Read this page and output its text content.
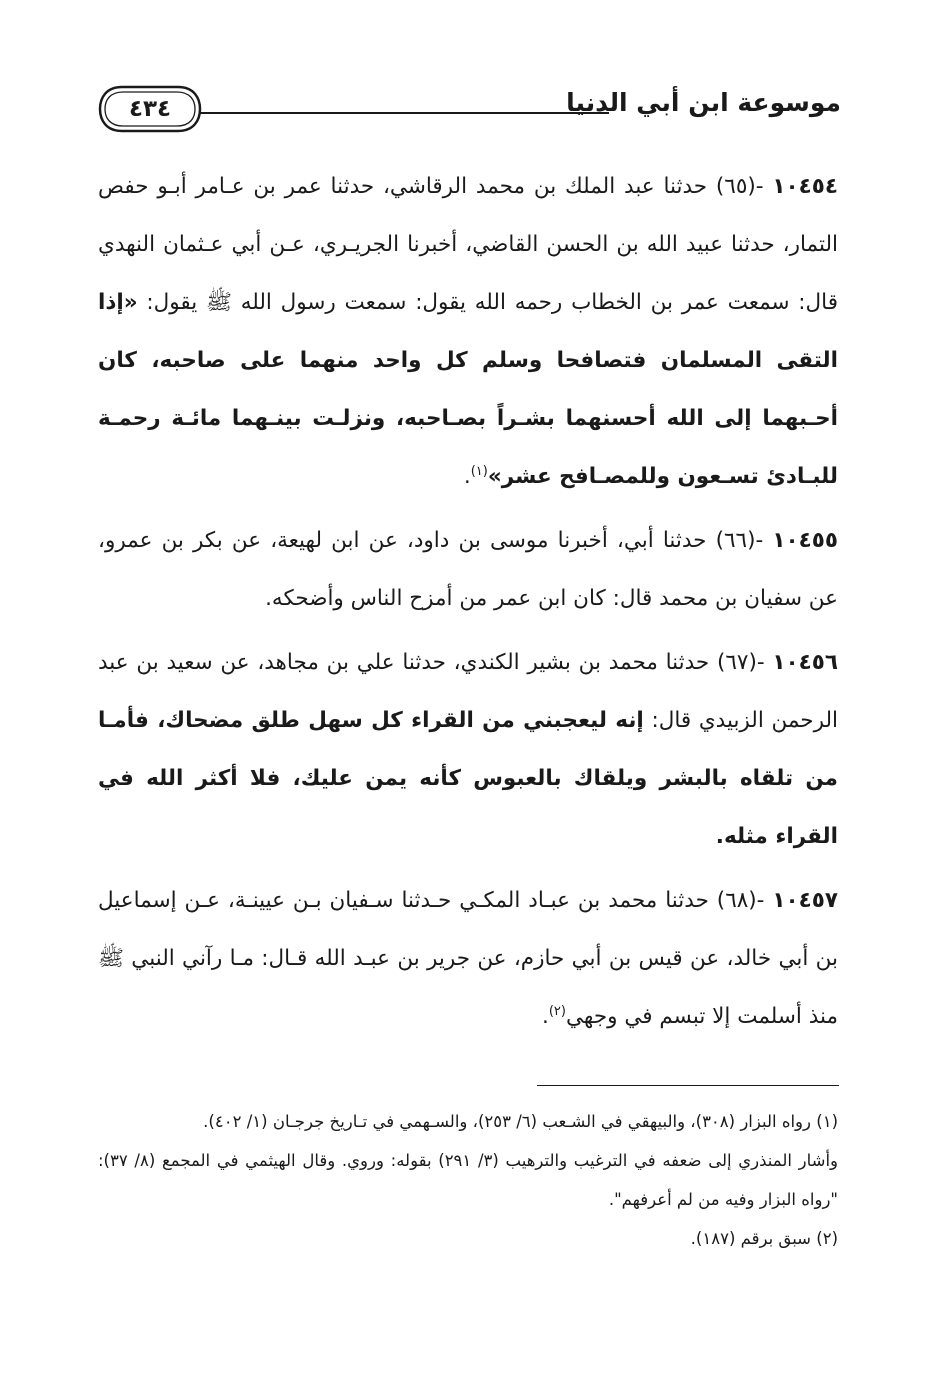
موسوعة ابن أبي الدنيا
٤٣٤

١٠٤٥٤ -(٦٥) حدثنا عبد الملك بن محمد الرقاشي، حدثنا عمر بن عـامر أبـو حفص التمار، حدثنا عبيد الله بن الحسن القاضي، أخبرنا الجريـري، عـن أبي عـثمان النهدي قال: سمعت عمر بن الخطاب رحمه الله يقول: سمعت رسول الله ﷺ يقول: «إذا التقى المسلمان فتصافحا وسلم كل واحد منهما على صاحبه، كان أحـبهما إلى الله أحسنهما بشـراً بصـاحبه، ونزلـت بينـهما مائـة رحمـة للبـادئ تسـعون وللمصـافح عشر»$^{(١)}$.

١٠٤٥٥ -(٦٦) حدثنا أبي، أخبرنا موسى بن داود، عن ابن لهيعة، عن بكر بن عمرو، عن سفيان بن محمد قال: كان ابن عمر من أمزح الناس وأضحكه.

١٠٤٥٦ -(٦٧) حدثنا محمد بن بشير الكندي، حدثنا علي بن مجاهد، عن سعيد بن عبد الرحمن الزبيدي قال: إنه ليعجبني من القراء كل سهل طلق مضحاك، فأمـا من تلقاه بالبشر ويلقاك بالعبوس كأنه يمن عليك، فلا أكثر الله في القراء مثله.

١٠٤٥٧ -(٦٨) حدثنا محمد بن عبـاد المكـي حـدثنا سـفيان بـن عيينـة، عـن إسماعيل بن أبي خالد، عن قيس بن أبي حازم، عن جرير بن عبـد الله قـال: مـا رآني النبي ﷺ منذ أسلمت إلا تبسم في وجهي$^{(٢)}$.

(١) رواه البزار (٣٠٨)، والبيهقي في الشـعب (٦/ ٢٥٣)، والسـهمي في تـاريخ جرجـان (١/ ٤٠٢).

وأشار المنذري إلى ضعفه في الترغيب والترهيب (٣/ ٢٩١) بقوله: وروي. وقال الهيثمي في المجمع (٨/ ٣٧): "رواه البزار وفيه من لم أعرفهم".

(٢) سبق برقم (١٨٧).
